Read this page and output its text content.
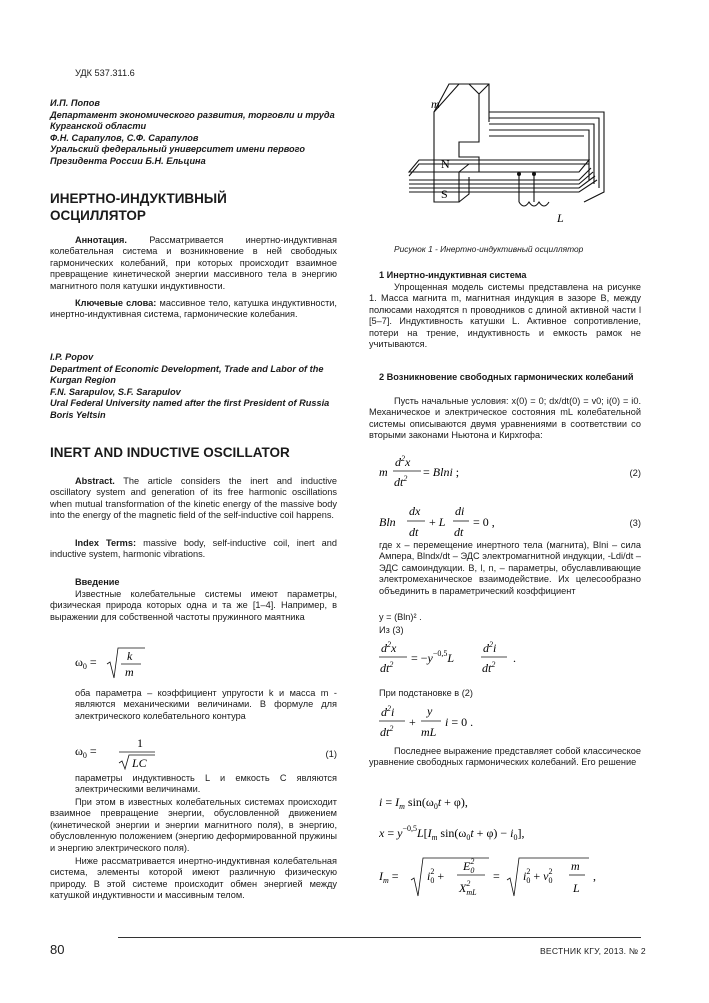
УДК 537.311.6
И.П. Попов
Департамент экономического развития, торговли и труда Курганской области
Ф.Н. Сарапулов, С.Ф. Сарапулов
Уральский федеральный университет имени первого Президента России Б.Н. Ельцина
ИНЕРТНО-ИНДУКТИВНЫЙ
ОСЦИЛЛЯТОР
Аннотация. Рассматривается инертно-индуктивная колебательная система и возникновение в ней свободных гармонических колебаний, при которых происходит взаимное превращение кинетической энергии массивного тела в энергию магнитного поля катушки индуктивности.
Ключевые слова: массивное тело, катушка индуктивности, инертно-индуктивная система, гармонические колебания.
I.P. Popov
Department of Economic Development, Trade and Labor of the Kurgan Region
F.N. Sarapulov, S.F. Sarapulov
Ural Federal University named after the first President of Russia Boris Yeltsin
INERT AND INDUCTIVE OSCILLATOR
Abstract. The article considers the inert and inductive oscillatory system and generation of its free harmonic oscillations when mutual transformation of the kinetic energy of the massive body into the energy of the magnetic field of the self-inductive coil happens.
Index Terms: massive body, self-inductive coil, inert and inductive system, harmonic vibrations.
Введение
Известные колебательные системы имеют параметры, физическая природа которых одна и та же [1–4]. Например, в выражении для собственной частоты пружинного маятника
$\omega_0$ =	k
m
оба параметра – коэффициент упругости k и масса m - являются механическими величинами. В формуле для электрического колебательного контура
$\omega_0$ =
1
LC
(1)
параметры индуктивность L и емкость C являются электрическими величинами.
При этом в известных колебательных системах происходит взаимное превращение энергии, обусловленной движением (кинетической энергии и энергии магнитного поля), в энергию, обусловленную положением (энергию деформированной пружины и энергию электрического поля).
Ниже рассматривается инертно-индуктивная колебательная система, элементы которой имеют различную физическую природу. В этой системе происходит обмен энергией между катушкой индуктивности и массивным телом.
m
N
S
L
Рисунок 1 - Инертно-индуктивный осциллятор
1 Инертно-индуктивная система
Упрощенная модель системы представлена на рисунке 1. Масса магнита m, магнитная индукция в зазоре B, между полюсами находятся n проводников с длиной активной части l [5–7]. Индуктивность катушки L. Активное сопротивление, потери на трение, индуктивность и емкость рамок не учитываются.
2 Возникновение свободных гармонических колебаний
Пусть начальные условия: x(0) = 0; dx/dt(0) = v0; i(0) = i0. Механическое и электрическое состояния mL колебательной системы описываются двумя уравнениями в соответствии со вторыми законами Ньютона и Кирхгофа:
m
$d^2x$
$dt^2 = Blni$ ;	(2)
Bln
dx
dt
+ L
di
dt
= 0 ,	(3)
где x – перемещение инертного тела (магнита), Blni – сила Ампера, Blndx/dt – ЭДС электромагнитной индукции, -Ldi/dt – ЭДС самоиндукции. B, l, n, – параметры, обуславливающие электромеханическое взаимодействие. Их целесообразно объединить в параметрический коэффициент
y = (Bln)² .
Из (3)
$d^2x$
$dt^2 = -y^{-0,5}L$
$d^2i$
$dt^2$ .
При подстановке в (2)
$d^2i$
$dt^2$ +
y
mL
i = 0 .
Последнее выражение представляет собой классическое уравнение свободных гармонических колебаний. Его решение
$i = I_m$ $\sin(\omega_0t + \varphi)$,
$x = y^{-0,5}L[I_m$ $\sin(\omega_0t + \varphi) - i_0$],
$I_m = i^2$ 0 +
$E^2$ 0
$X^2$ mL
= $i^2$ $0 + v^2$ 0
m
L
,
80	ВЕСТНИК КГУ, 2013. № 2
